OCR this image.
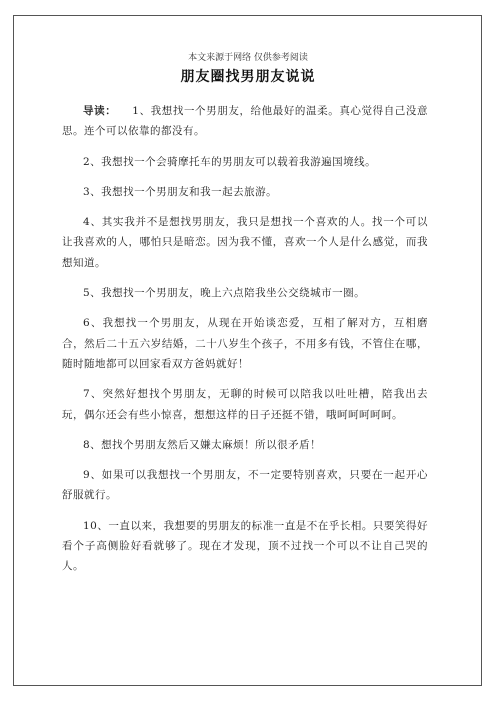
本文来源于网络 仅供参考阅读
朋友圈找男朋友说说

导读： 1、我想找一个男朋友，给他最好的温柔。真心觉得自己没意思。连个可以依靠的都没有。

2、我想找一个会骑摩托车的男朋友可以载着我游遍国境线。

3、我想找一个男朋友和我一起去旅游。

4、其实我并不是想找男朋友，我只是想找一个喜欢的人。找一个可以让我喜欢的人，哪怕只是暗恋。因为我不懂，喜欢一个人是什么感觉，而我想知道。

5、我想找一个男朋友，晚上六点陪我坐公交绕城市一圈。

6、我想找一个男朋友，从现在开始谈恋爱，互相了解对方，互相磨合，然后二十五六岁结婚，二十八岁生个孩子，不用多有钱，不管住在哪，随时随地都可以回家看双方爸妈就好！

7、突然好想找个男朋友，无聊的时候可以陪我以吐吐槽，陪我出去玩，偶尔还会有些小惊喜，想想这样的日子还挺不错，哦呵呵呵呵呵。

8、想找个男朋友然后又嫌太麻烦！所以很矛盾！

9、如果可以我想找一个男朋友，不一定要特别喜欢，只要在一起开心舒服就行。

10、一直以来，我想要的男朋友的标准一直是不在乎长相。只要笑得好看个子高侧脸好看就够了。现在才发现，顶不过找一个可以不让自己哭的人。
